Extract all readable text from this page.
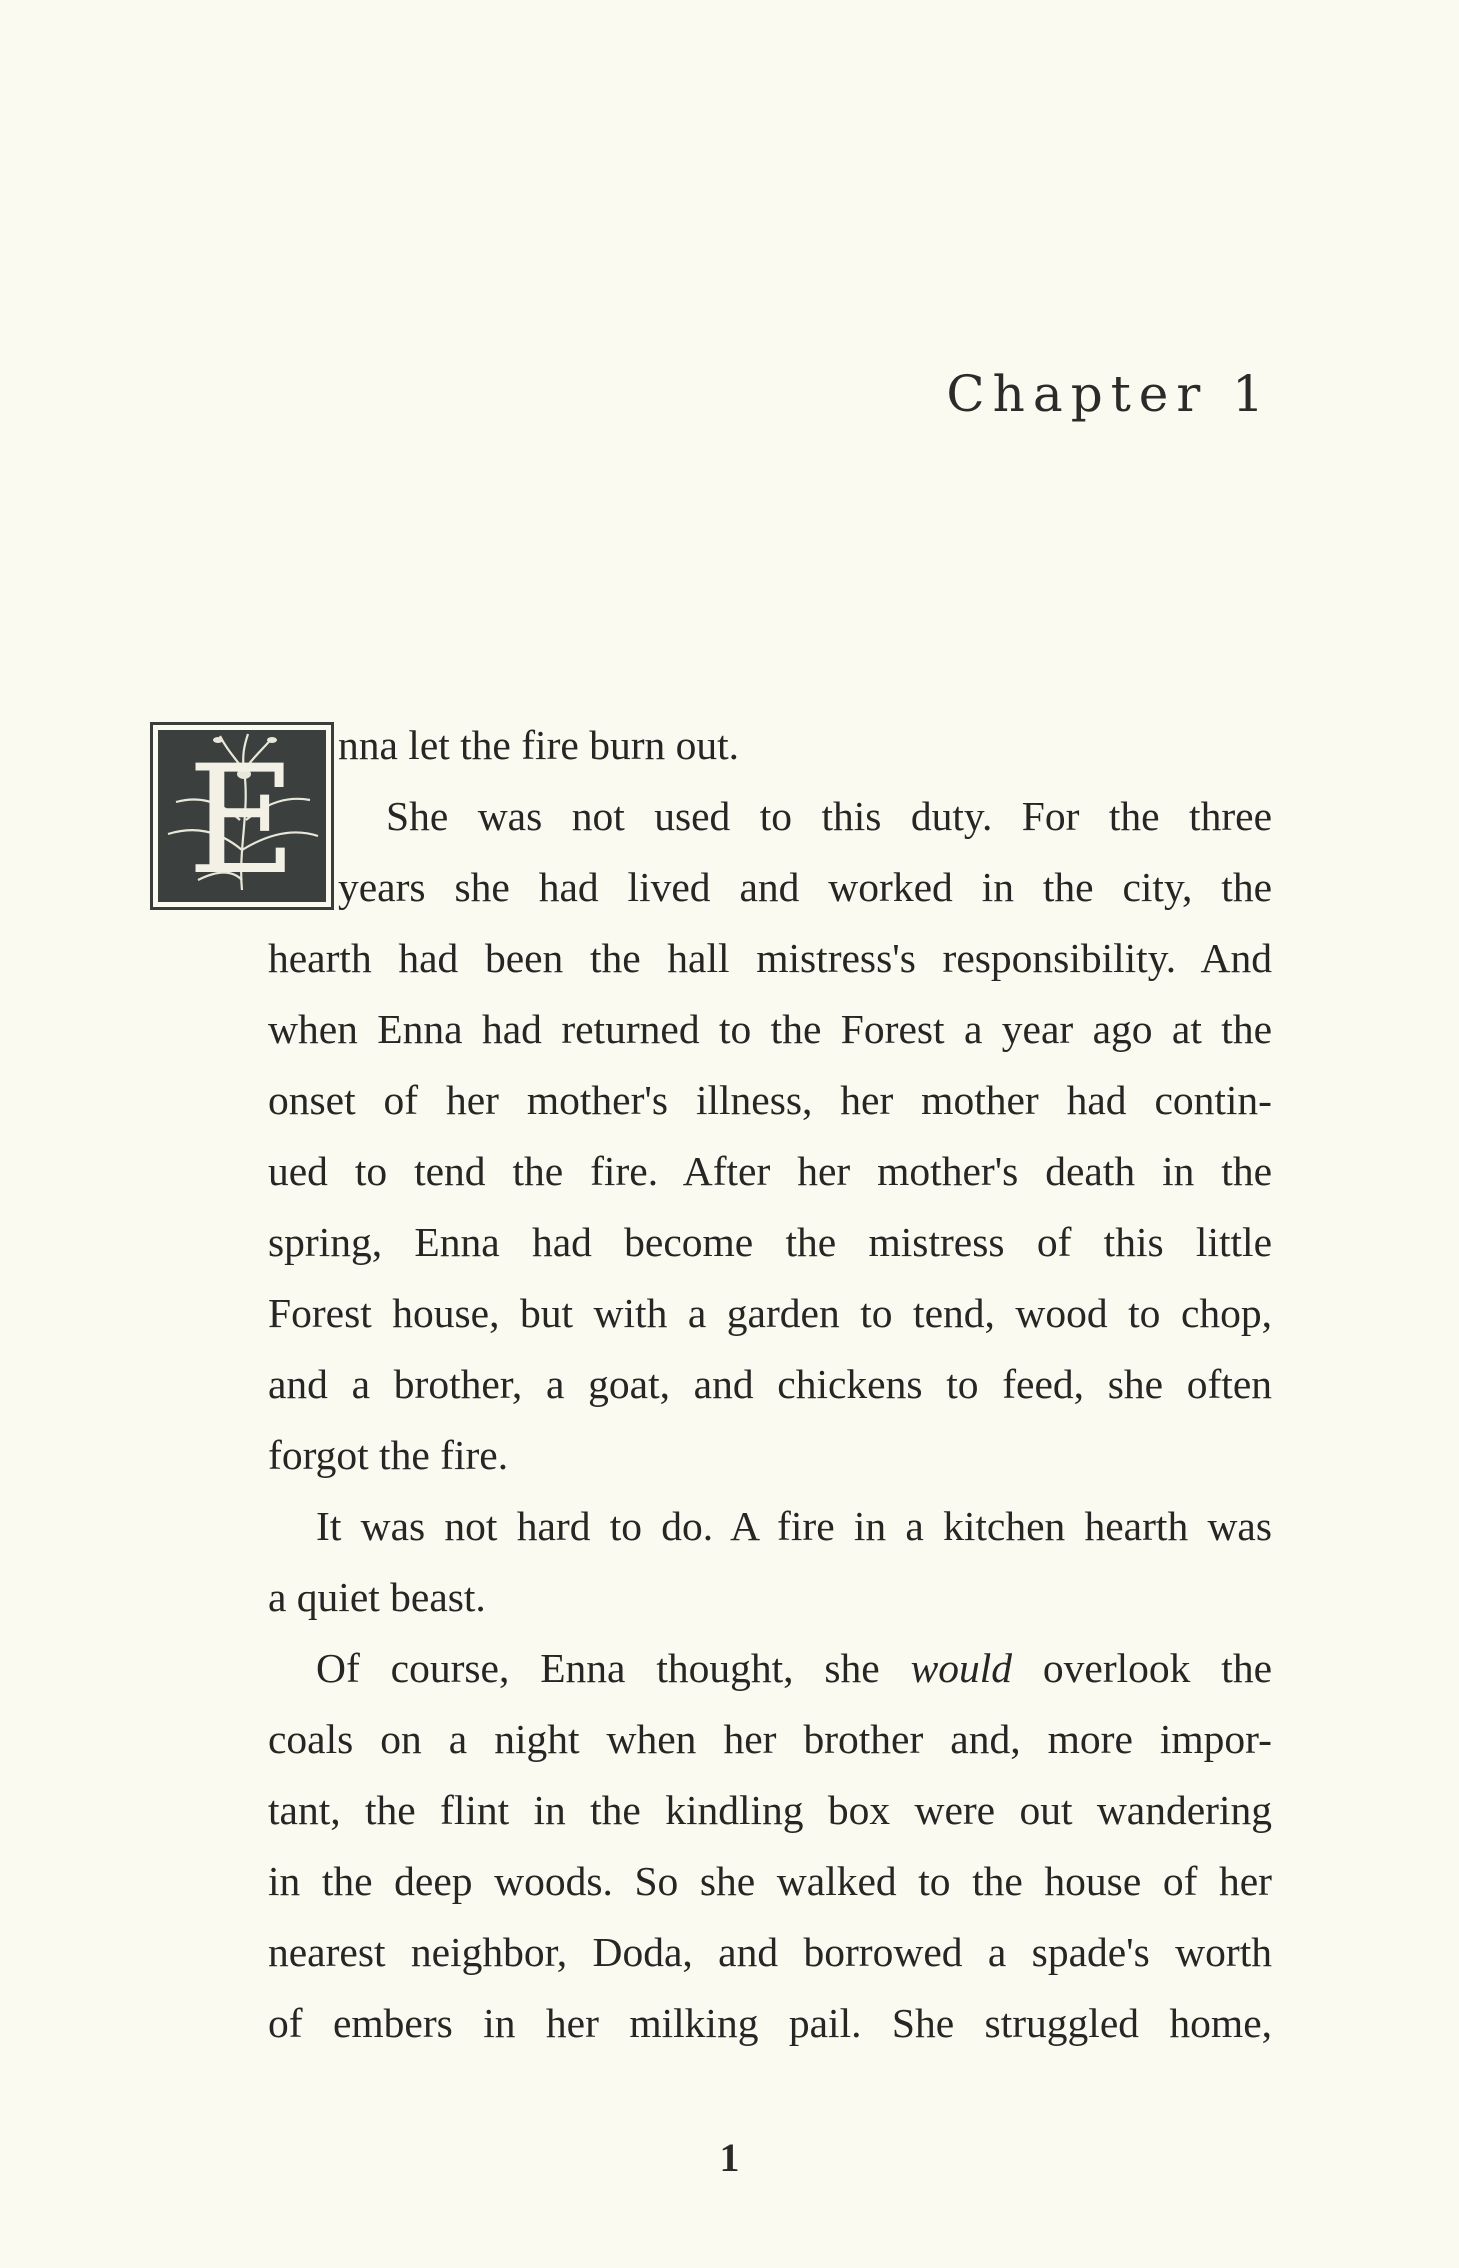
Chapter 1
E nna let the fire burn out.
She was not used to this duty. For the three
years she had lived and worked in the city, the
hearth had been the hall mistress's responsibility. And
when Enna had returned to the Forest a year ago at the
onset of her mother's illness, her mother had contin-
ued to tend the fire. After her mother's death in the
spring, Enna had become the mistress of this little
Forest house, but with a garden to tend, wood to chop,
and a brother, a goat, and chickens to feed, she often
forgot the fire.
It was not hard to do. A fire in a kitchen hearth was
a quiet beast.
Of course, Enna thought, she would overlook the
coals on a night when her brother and, more impor-
tant, the flint in the kindling box were out wandering
in the deep woods. So she walked to the house of her
nearest neighbor, Doda, and borrowed a spade's worth
of embers in her milking pail. She struggled home,
1
